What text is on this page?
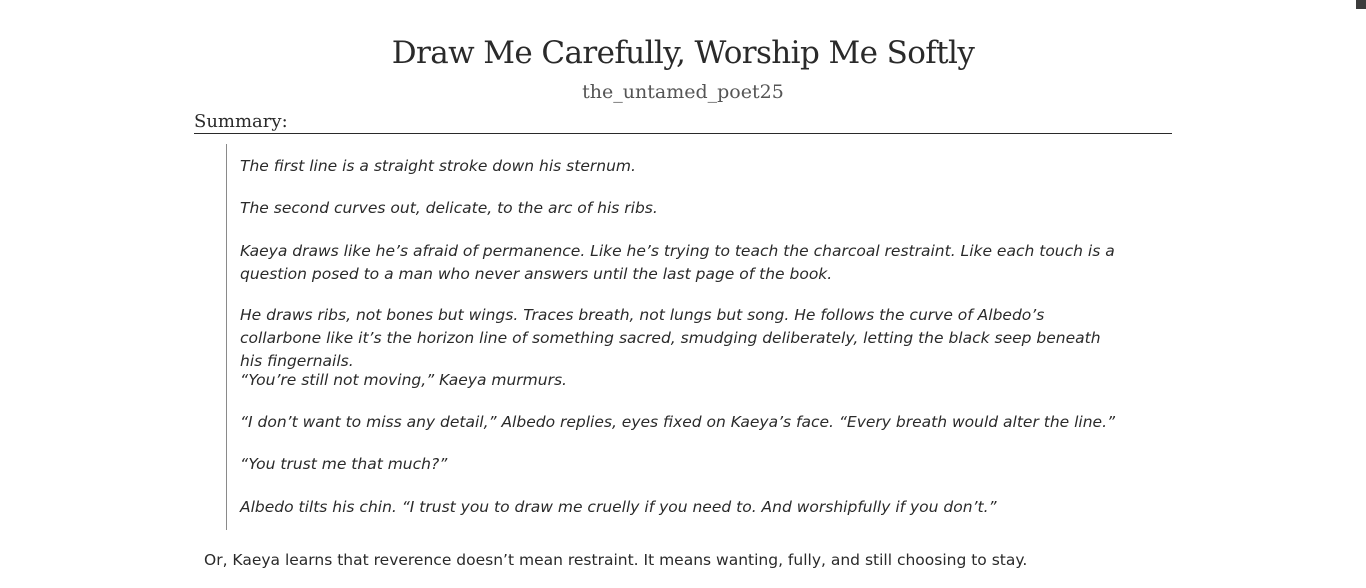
Draw Me Carefully, Worship Me Softly
the_untamed_poet25
Summary:

The first line is a straight stroke down his sternum.

The second curves out, delicate, to the arc of his ribs.

Kaeya draws like he’s afraid of permanence. Like he’s trying to teach the charcoal restraint. Like each touch is a question posed to a man who never answers until the last page of the book.

He draws ribs, not bones but wings. Traces breath, not lungs but song. He follows the curve of Albedo’s collarbone like it’s the horizon line of something sacred, smudging deliberately, letting the black seep beneath his fingernails.

“You’re still not moving,” Kaeya murmurs.

“I don’t want to miss any detail,” Albedo replies, eyes fixed on Kaeya’s face. “Every breath would alter the line.”

“You trust me that much?”

Albedo tilts his chin. “I trust you to draw me cruelly if you need to. And worshipfully if you don’t.”

Or, Kaeya learns that reverence doesn’t mean restraint. It means wanting, fully, and still choosing to stay.
